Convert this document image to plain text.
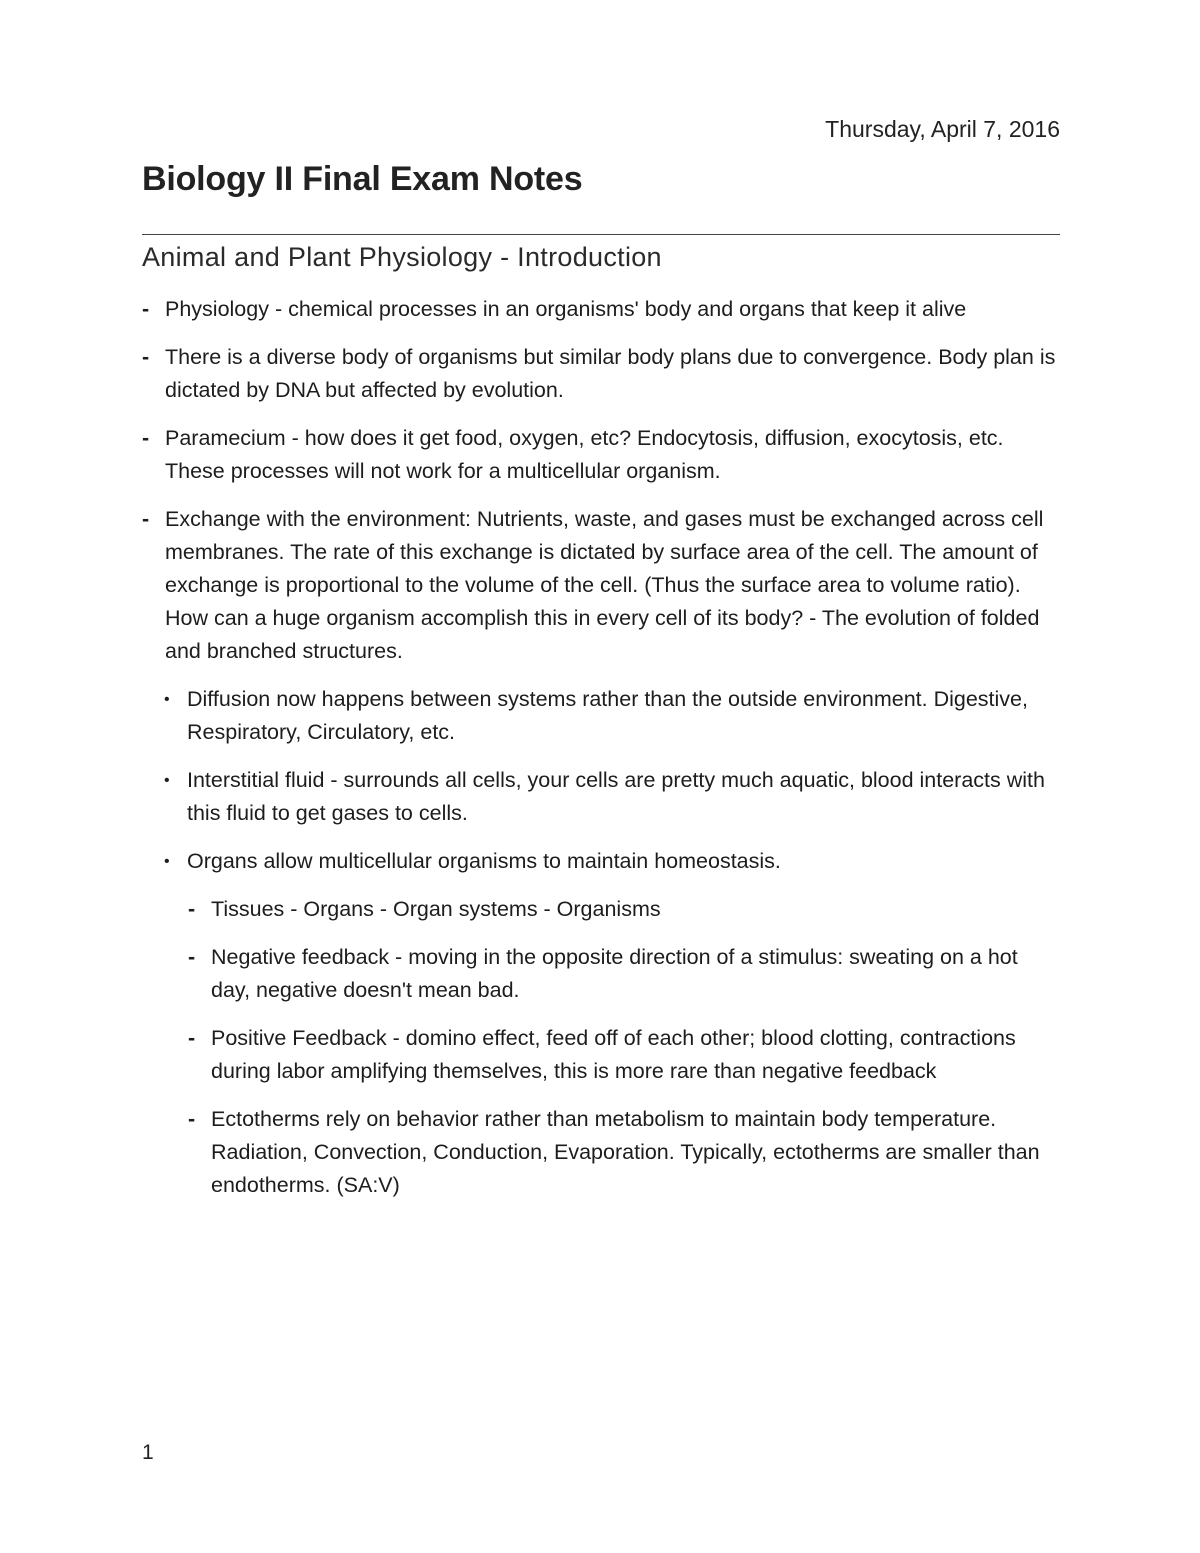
Thursday, April 7, 2016
Biology II Final Exam Notes
Animal and Plant Physiology - Introduction
- Physiology - chemical processes in an organisms' body and organs that keep it alive
- There is a diverse body of organisms but similar body plans due to convergence. Body plan is dictated by DNA but affected by evolution.
- Paramecium - how does it get food, oxygen, etc? Endocytosis, diffusion, exocytosis, etc. These processes will not work for a multicellular organism.
- Exchange with the environment: Nutrients, waste, and gases must be exchanged across cell membranes. The rate of this exchange is dictated by surface area of the cell. The amount of exchange is proportional to the volume of the cell. (Thus the surface area to volume ratio). How can a huge organism accomplish this in every cell of its body? - The evolution of folded and branched structures.
• Diffusion now happens between systems rather than the outside environment. Digestive, Respiratory, Circulatory, etc.
• Interstitial fluid - surrounds all cells, your cells are pretty much aquatic, blood interacts with this fluid to get gases to cells.
• Organs allow multicellular organisms to maintain homeostasis.
- Tissues - Organs - Organ systems - Organisms
- Negative feedback - moving in the opposite direction of a stimulus: sweating on a hot day, negative doesn't mean bad.
- Positive Feedback - domino effect, feed off of each other; blood clotting, contractions during labor amplifying themselves, this is more rare than negative feedback
- Ectotherms rely on behavior rather than metabolism to maintain body temperature. Radiation, Convection, Conduction, Evaporation. Typically, ectotherms are smaller than endotherms. (SA:V)
1
